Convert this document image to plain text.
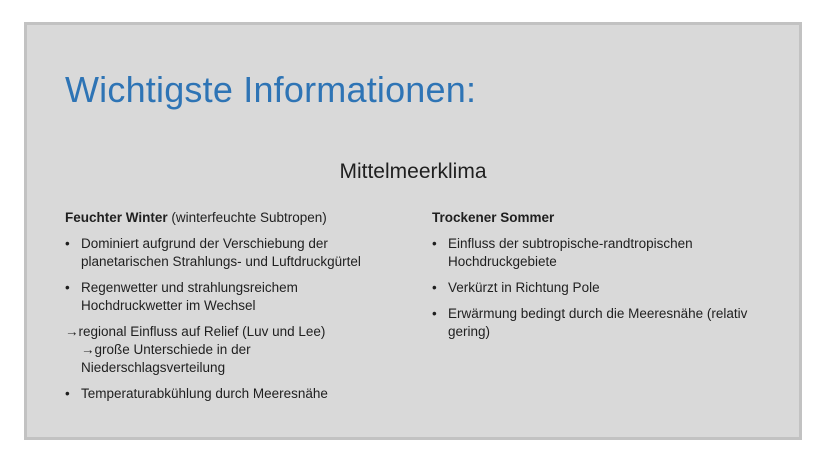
Wichtigste Informationen:
Mittelmeerklima
Feuchter Winter (winterfeuchte Subtropen)
• Dominiert aufgrund der Verschiebung der planetarischen Strahlungs- und Luftdruckgürtel
• Regenwetter und strahlungsreichem Hochdruckwetter im Wechsel
→regional Einfluss auf Relief (Luv und Lee)
→große Unterschiede in der Niederschlagsverteilung
• Temperaturabkühlung durch Meeresnähe
Trockener Sommer
• Einfluss der subtropische-randtropischen Hochdruckgebiete
• Verkürzt in Richtung Pole
• Erwärmung bedingt durch die Meeresnähe (relativ gering)
